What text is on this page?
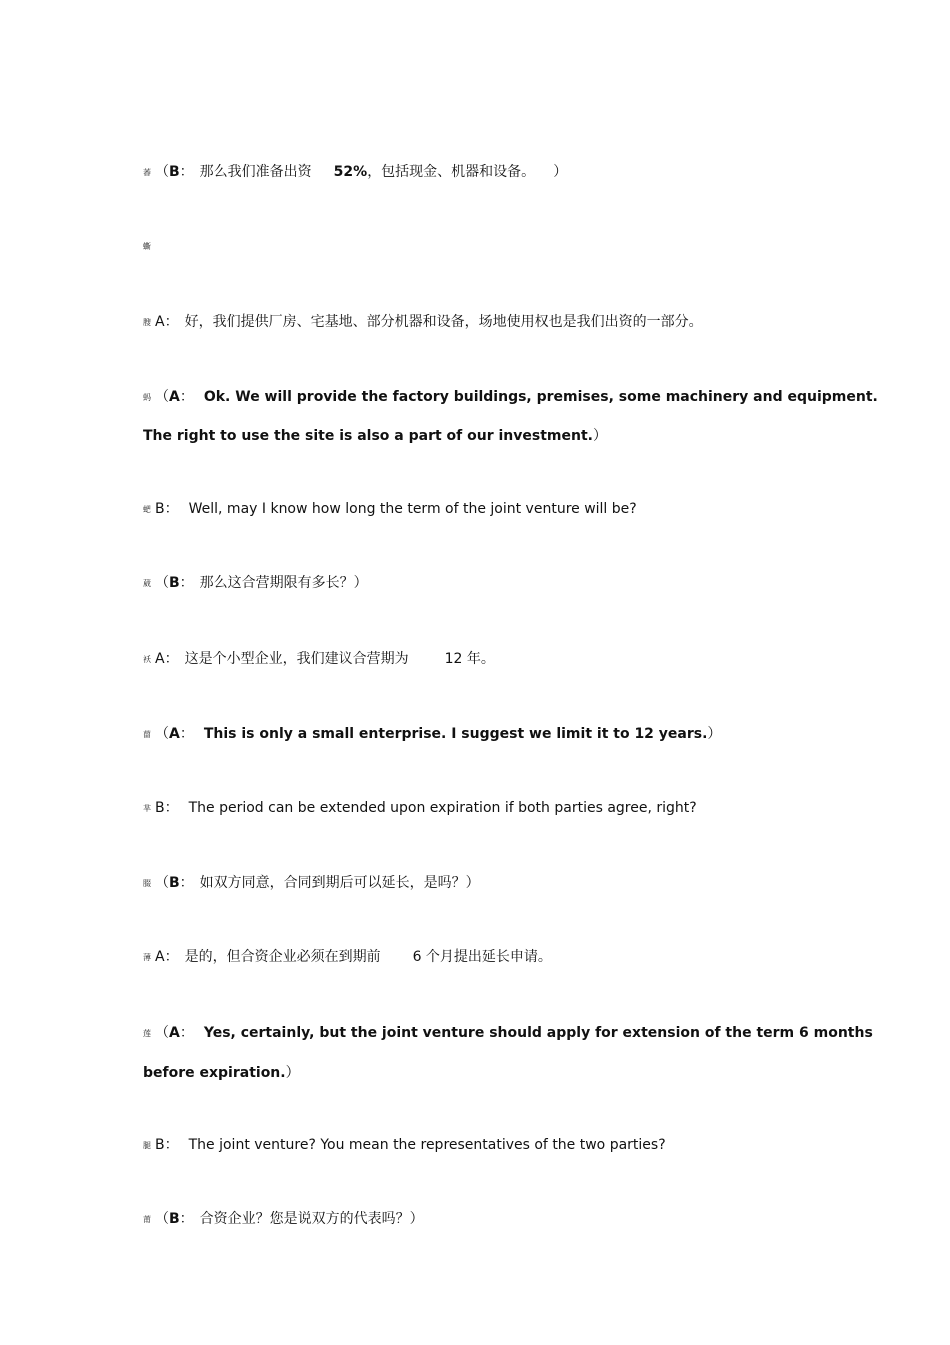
萫 （B： 那么我们准备出资 52%，包括现金、机器和设备。 ）
蟖
膄 A： 好，我们提供厂房、宅基地、部分机器和设备，场地使用权也是我们出资的一部分。
蚂 （A： Ok. We will provide the factory buildings, premises, some machinery and equipment.
The right to use the site is also a part of our investment.）
蚆 B： Well, may I know how long the term of the joint venture will be?
葳 （B： 那么这合营期限有多长？）
袄 A： 这是个小型企业，我们建议合营期为	12 年。
蒥 （A： This is only a small enterprise. I suggest we limit it to 12 years.）
芈 B： The period can be extended upon expiration if both parties agree, right?
腏 （B： 如双方同意，合同到期后可以延长，是吗？）
薄 A： 是的，但合资企业必须在到期前 6 个月提出延长申请。
莲 （A： Yes, certainly, but the joint venture should apply for extension of the term 6 months
before expiration.）
腿 B： The joint venture? You mean the representatives of the two parties?
莆 （B： 合资企业？您是说双方的代表吗？）
